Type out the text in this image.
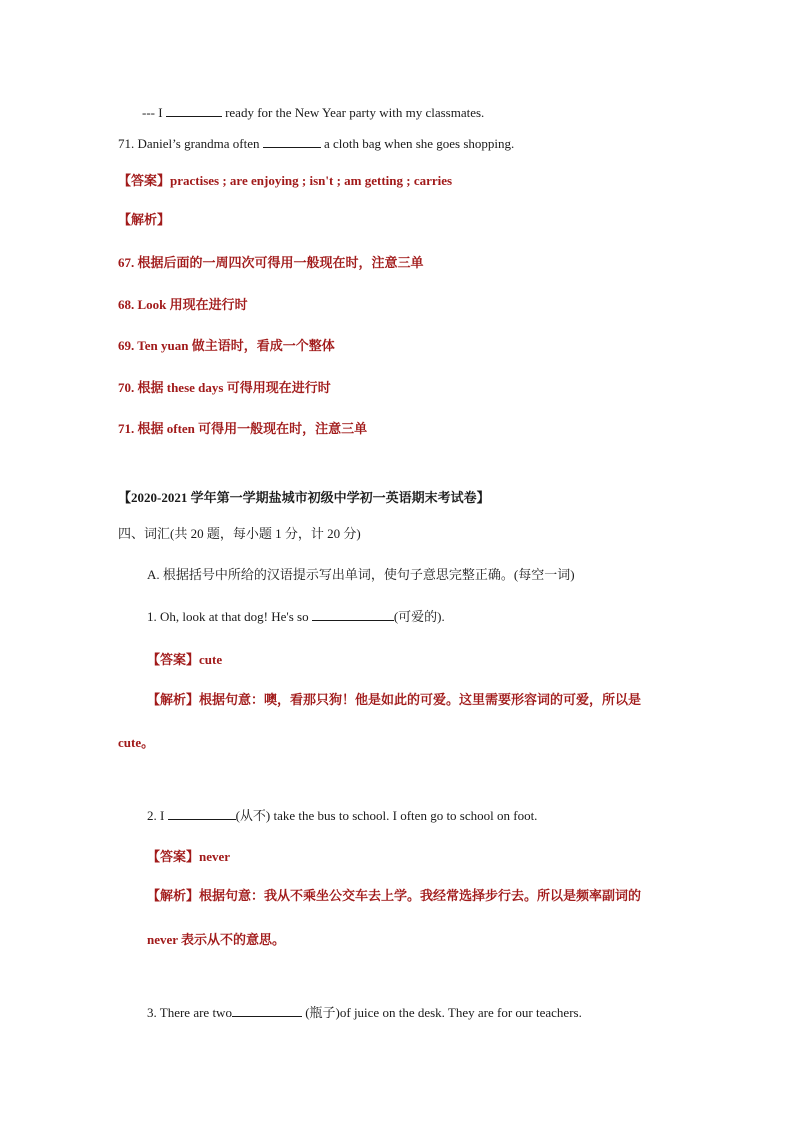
--- I	ready for the New Year party with my classmates.
71. Daniel’s grandma often	a cloth bag when she goes shopping.
【答案】practises ; are enjoying ; isn't ; am getting ; carries
【解析】
67. 根据后面的一周四次可得用一般现在时，注意三单
68. Look 用现在进行时
69. Ten yuan 做主语时，看成一个整体
70. 根据 these days 可得用现在进行时
71. 根据 often 可得用一般现在时，注意三单
【2020-2021 学年第一学期盐城市初级中学初一英语期末考试卷】
四、词汇(共 20 题，每小题 1 分，计 20 分)
A. 根据括号中所给的汉语提示写出单词，使句子意思完整正确。(每空一词)
1. Oh, look at that dog! He's so	(可爱的).
【答案】cute
【解析】根据句意：噢，看那只狗！他是如此的可爱。这里需要形容词的可爱，所以是
cute。
2. I	(从不) take the bus to school. I often go to school on foot.
【答案】never
【解析】根据句意：我从不乘坐公交车去上学。我经常选择步行去。所以是频率副词的
never 表示从不的意思。
3. There are two	(瓶子)of juice on the desk. They are for our teachers.
